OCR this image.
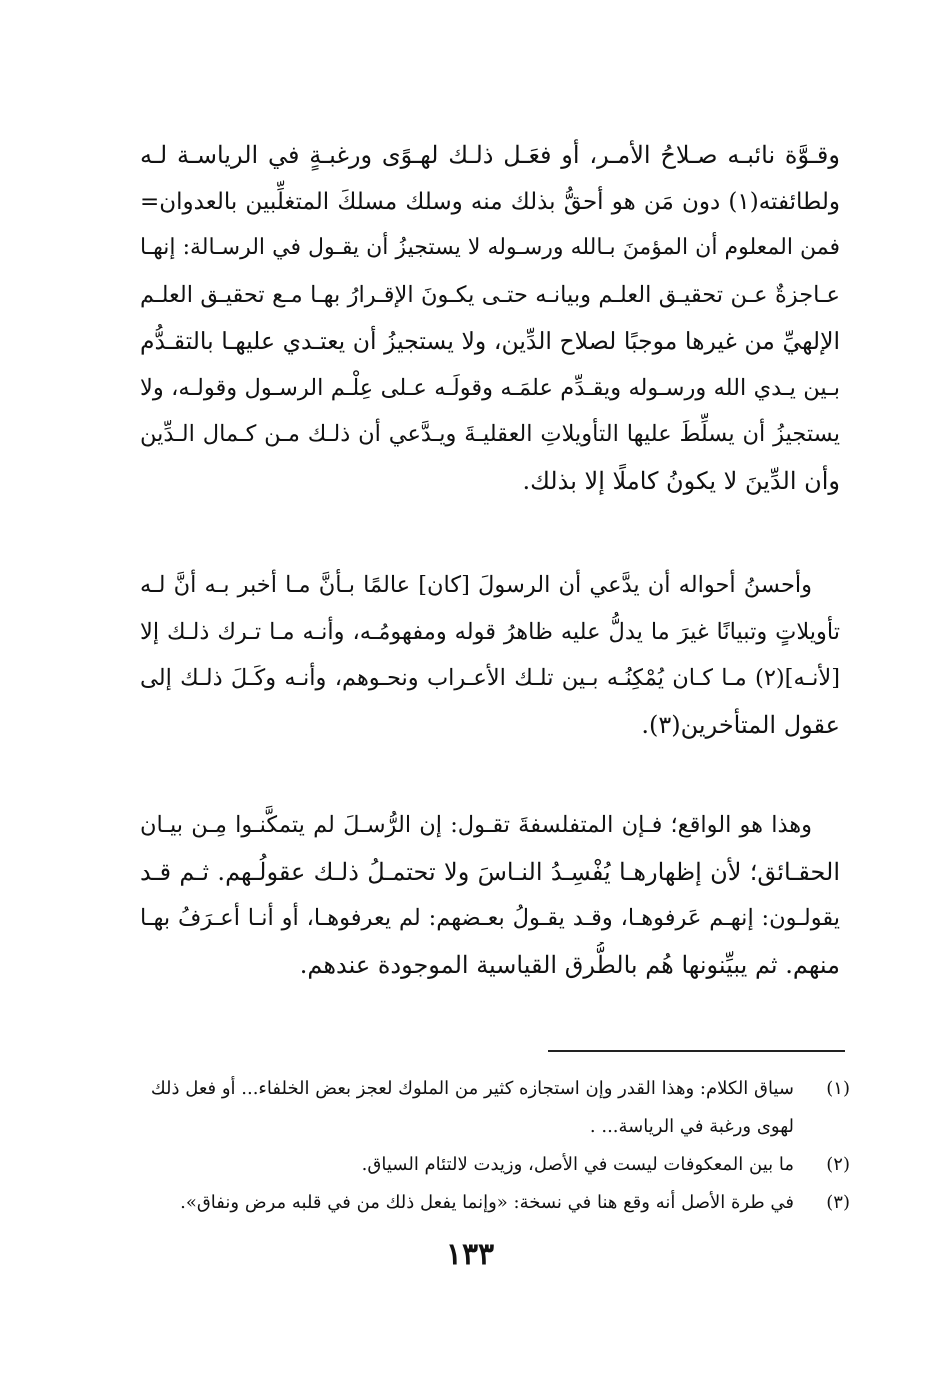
وقـوَّة نائبـه صـلاحُ الأمـر، أو فعَـل ذلـك لهـوًى ورغبـةٍ في الرياسـة لـه
ولطائفته(١) دون مَن هو أحقُّ بذلك منه وسلك مسلكَ المتغلِّبين بالعدوان=
فمن المعلوم أن المؤمنَ بـالله ورسـوله لا يستجيزُ أن يقـول في الرسـالة: إنهـا
عـاجزةٌ عـن تحقيـق العلـم وبيانـه حتـى يكـونَ الإقـرارُ بهـا مـع تحقيـق العلـم
الإلهيِّ من غيرها موجبًا لصلاح الدِّين، ولا يستجيزُ أن يعتـدي عليهـا بالتقـدُّم
بـين يـدي الله ورسـوله ويقـدِّم علمَـه وقولَـه عـلى عِلْـم الرسـول وقولـه، ولا
يستجيزُ أن يسلِّطَ عليها التأويلاتِ العقليـةَ ويـدَّعي أن ذلـك مـن كـمال الـدِّين
وأن الدِّينَ لا يكونُ كاملًا إلا بذلك.
وأحسنُ أحواله أن يدَّعي أن الرسولَ [كان] عالمًا بـأنَّ مـا أخبر بـه أنَّ لـه
تأويلاتٍ وتبيانًا غيرَ ما يدلُّ عليه ظاهرُ قوله ومفهومُـه، وأنـه مـا تـرك ذلـك إلا
[لأنـه](٢) مـا كـان يُمْكِنُـه بـين تلـك الأعـراب ونحـوهم، وأنـه وكَـلَ ذلـك إلى
عقول المتأخرين(٣).
وهذا هو الواقع؛ فـإن المتفلسفةَ تقـول: إن الرُّسـلَ لم يتمكَّنـوا مِـن بيـان
الحقـائق؛ لأن إظهارهـا يُفْسِـدُ النـاسَ ولا تحتمـلُ ذلـك عقولُـهم. ثـم قـد
يقولـون: إنهـم عَرفوهـا، وقـد يقـولُ بعـضهم: لم يعرفوهـا، أو أنـا أعـرَفُ بهـا
منهم. ثم يبيِّنونها هُم بالطُّرق القياسية الموجودة عندهم.
(١)
سياق الكلام: وهذا القدر وإن استجازه كثير من الملوك لعجز بعض الخلفاء... أو فعل ذلك لهوى ورغبة في الرياسة... .
(٢)
ما بين المعكوفات ليست في الأصل، وزيدت لالتئام السياق.
(٣)
في طرة الأصل أنه وقع هنا في نسخة: «وإنما يفعل ذلك من في قلبه مرض ونفاق».
١٣٣
